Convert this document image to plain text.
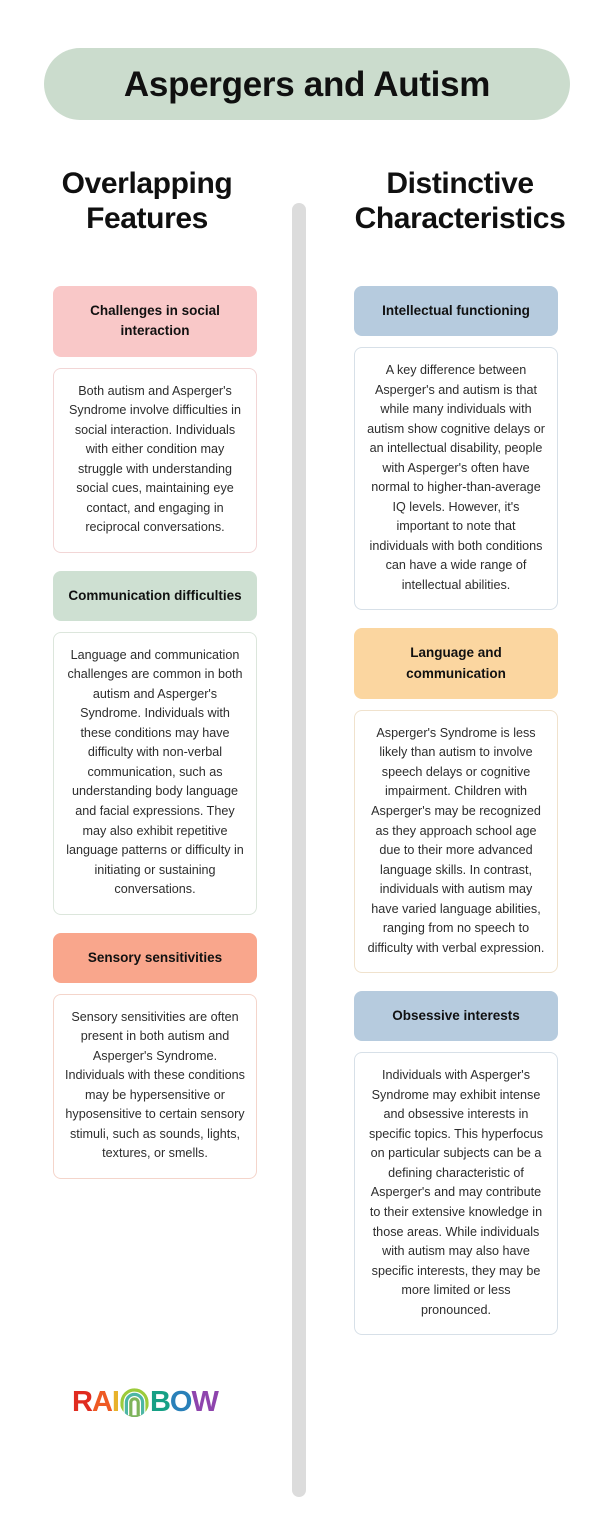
Aspergers and Autism
Overlapping Features
Distinctive Characteristics
Challenges in social interaction
Both autism and Asperger's Syndrome involve difficulties in social interaction. Individuals with either condition may struggle with understanding social cues, maintaining eye contact, and engaging in reciprocal conversations.
Communication difficulties
Language and communication challenges are common in both autism and Asperger's Syndrome. Individuals with these conditions may have difficulty with non-verbal communication, such as understanding body language and facial expressions. They may also exhibit repetitive language patterns or difficulty in initiating or sustaining conversations.
Sensory sensitivities
Sensory sensitivities are often present in both autism and Asperger's Syndrome. Individuals with these conditions may be hypersensitive or hyposensitive to certain sensory stimuli, such as sounds, lights, textures, or smells.
Intellectual functioning
A key difference between Asperger's and autism is that while many individuals with autism show cognitive delays or an intellectual disability, people with Asperger's often have normal to higher-than-average IQ levels. However, it's important to note that individuals with both conditions can have a wide range of intellectual abilities.
Language and communication
Asperger's Syndrome is less likely than autism to involve speech delays or cognitive impairment. Children with Asperger's may be recognized as they approach school age due to their more advanced language skills. In contrast, individuals with autism may have varied language abilities, ranging from no speech to difficulty with verbal expression.
Obsessive interests
Individuals with Asperger's Syndrome may exhibit intense and obsessive interests in specific topics. This hyperfocus on particular subjects can be a defining characteristic of Asperger's and may contribute to their extensive knowledge in those areas. While individuals with autism may also have specific interests, they may be more limited or less pronounced.
RAI BOW
